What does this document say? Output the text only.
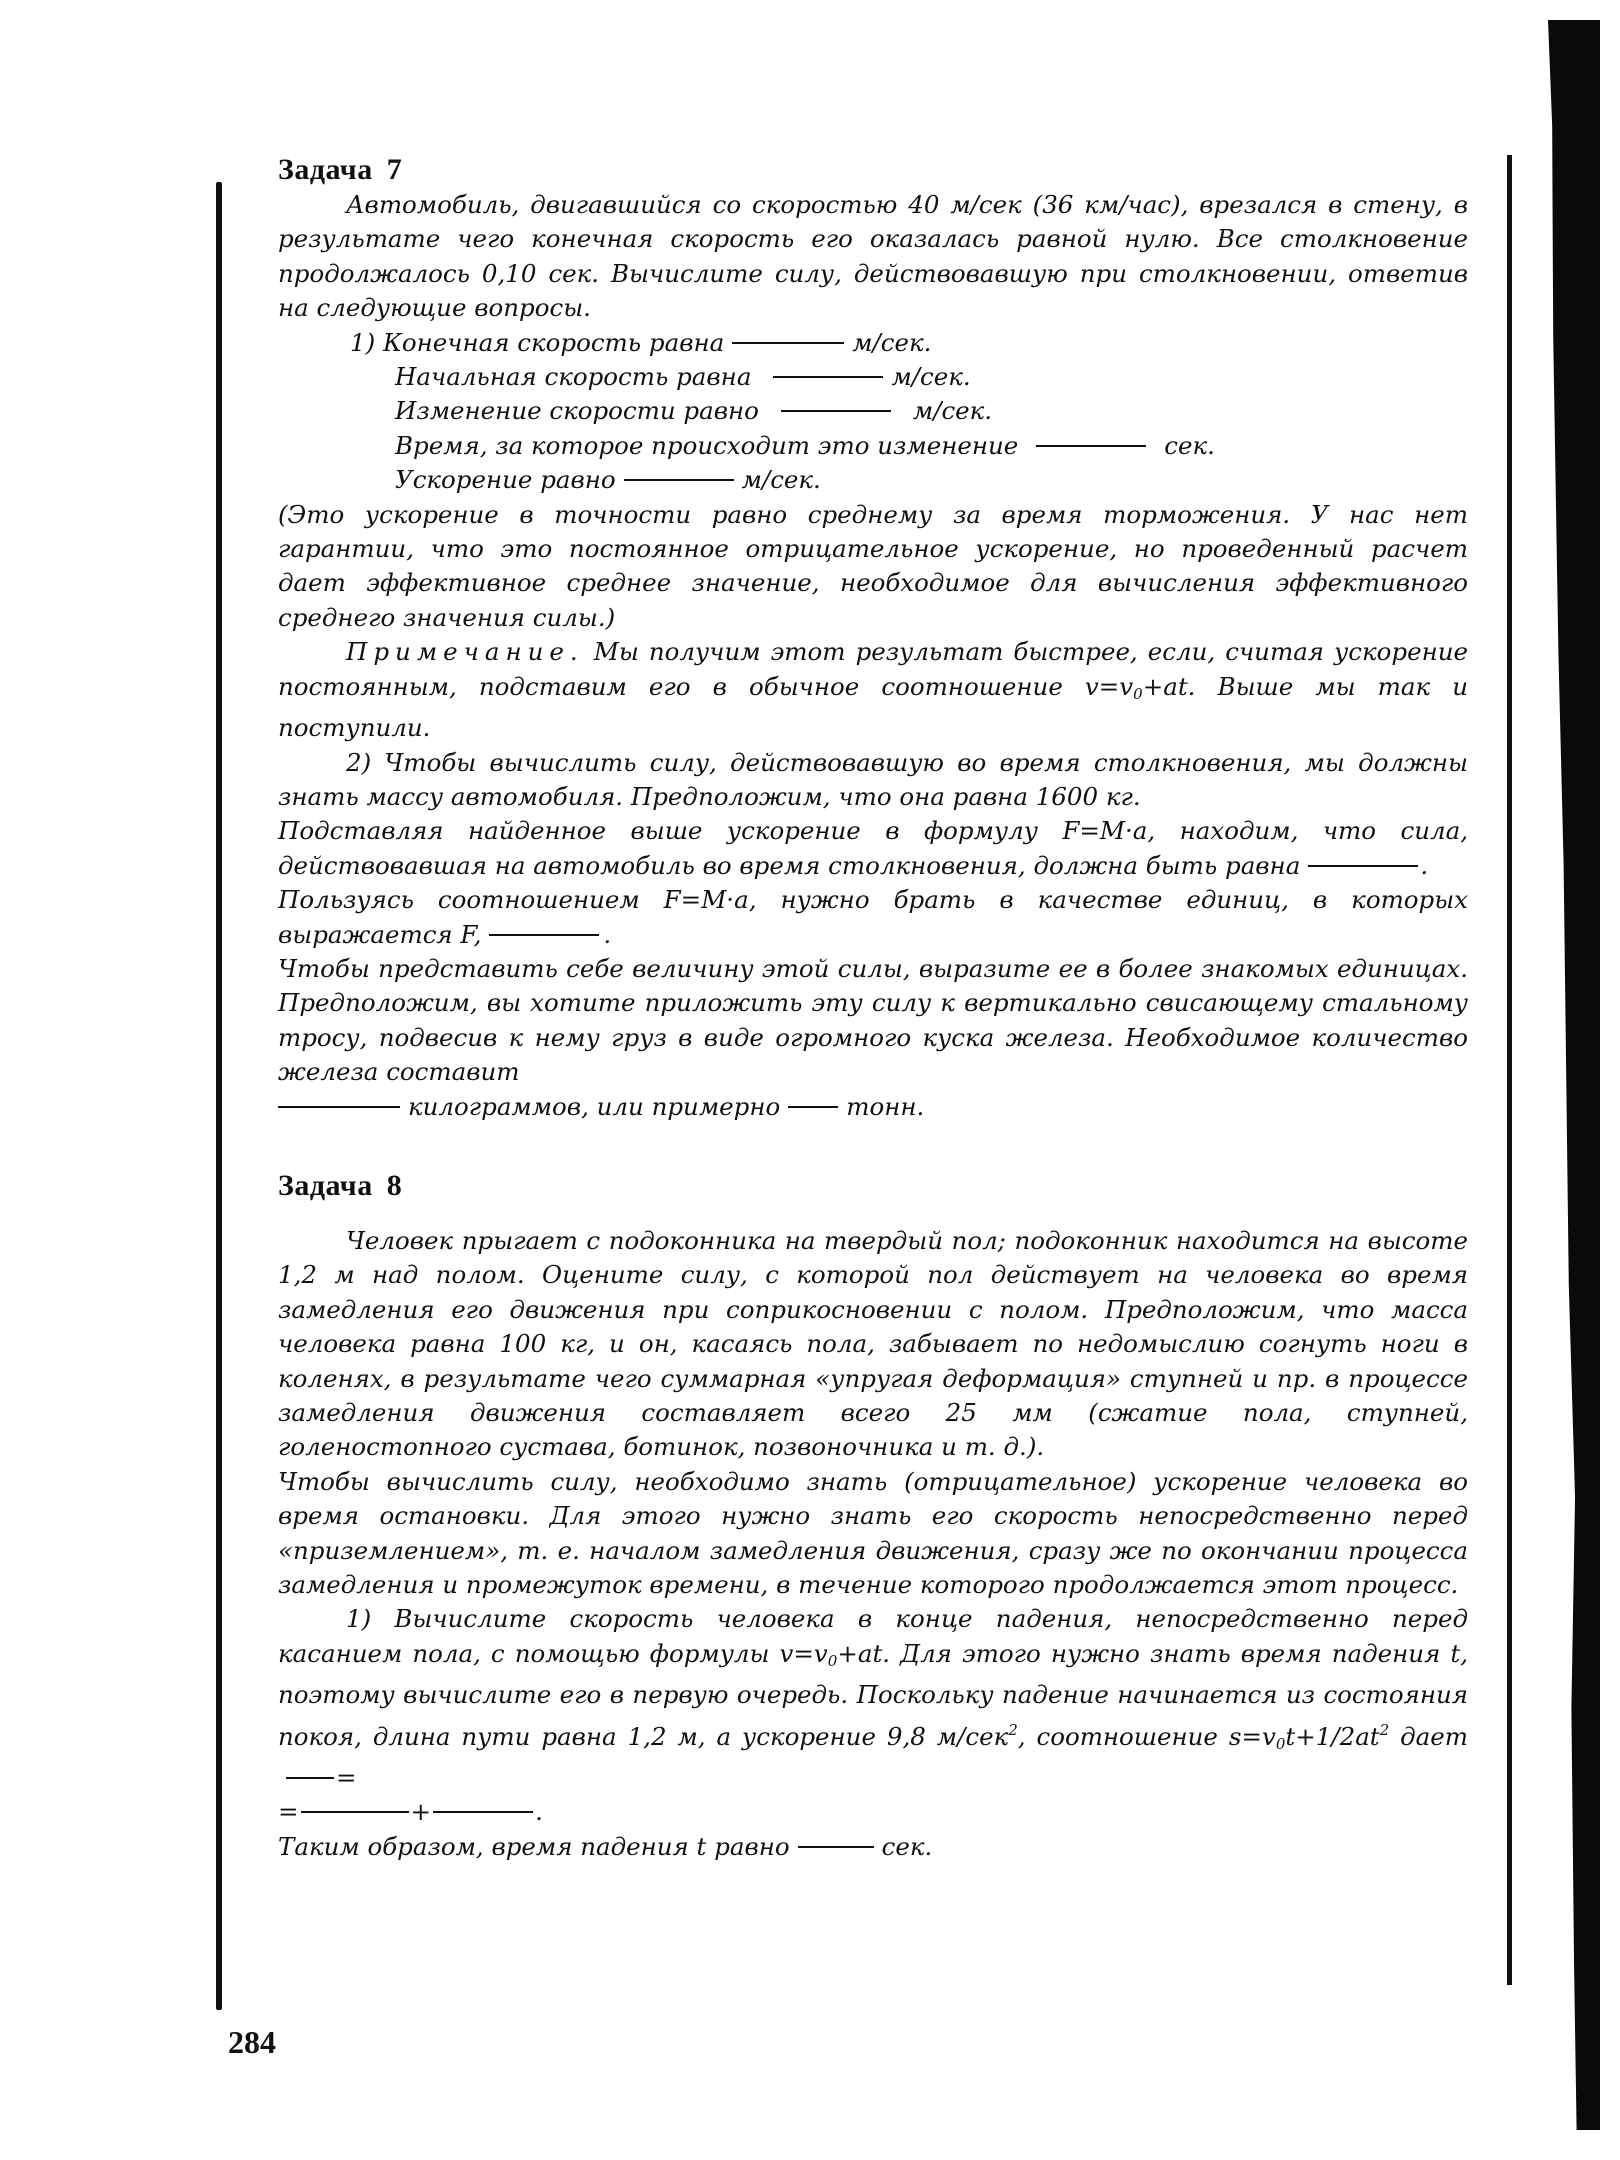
Задача 7

Автомобиль, двигавшийся со скоростью 40 м/сек (36 км/час), врезался в стену, в результате чего конечная скорость его оказалась равной нулю. Все столкновение продолжалось 0,10 сек. Вычислите силу, действовавшую при столкновении, ответив на следующие вопросы.

1) Конечная скорость равна	м/сек.

Начальная скорость равна	м/сек.

Изменение скорости равно	м/сек.

Время, за которое происходит это изменение	сек.

Ускорение равно	м/сек.

(Это ускорение в точности равно среднему за время торможения. У нас нет гарантии, что это постоянное отрицательное ускорение, но проведенный расчет дает эффективное среднее значение, необходимое для вычисления эффективного среднего значения силы.)

Примечание. Мы получим этот результат быстрее, если, считая ускорение постоянным, подставим его в обычное соотношение $v=v_0+at$. Выше мы так и поступили.

2) Чтобы вычислить силу, действовавшую во время столкновения, мы должны знать массу автомобиля. Предположим, что она равна 1600 кг.

Подставляя найденное выше ускорение в формулу F=M·a, находим, что сила, действовавшая на автомобиль во время столкновения, должна быть равна	.

Пользуясь соотношением F=M·a, нужно брать в качестве единиц, в которых выражается F,	.

Чтобы представить себе величину этой силы, выразите ее в более знакомых единицах. Предположим, вы хотите приложить эту силу к вертикально свисающему стальному тросу, подвесив к нему груз в виде огромного куска железа. Необходимое количество железа составит

килограммов, или примерно	тонн.

Задача 8

Человек прыгает с подоконника на твердый пол; подоконник находится на высоте 1,2 м над полом. Оцените силу, с которой пол действует на человека во время замедления его движения при соприкосновении с полом. Предположим, что масса человека равна 100 кг, и он, касаясь пола, забывает по недомыслию согнуть ноги в коленях, в результате чего суммарная «упругая деформация» ступней и пр. в процессе замедления движения составляет всего 25 мм (сжатие пола, ступней, голеностопного сустава, ботинок, позвоночника и т. д.).

Чтобы вычислить силу, необходимо знать (отрицательное) ускорение человека во время остановки. Для этого нужно знать его скорость непосредственно перед «приземлением», т. е. началом замедления движения, сразу же по окончании процесса замедления и промежуток времени, в течение которого продолжается этот процесс.

1) Вычислите скорость человека в конце падения, непосредственно перед касанием пола, с помощью формулы $v=v_0+at$. Для этого нужно знать время падения t, поэтому вычислите его в первую очередь. Поскольку падение начинается из состояния покоя, длина пути равна 1,2 м, а ускорение 9,8 м/сек$^2$, соотношение $s=v_0t+1/2at^2$ дает=

=	+	.

Таким образом, время падения t равно	сек.

284
